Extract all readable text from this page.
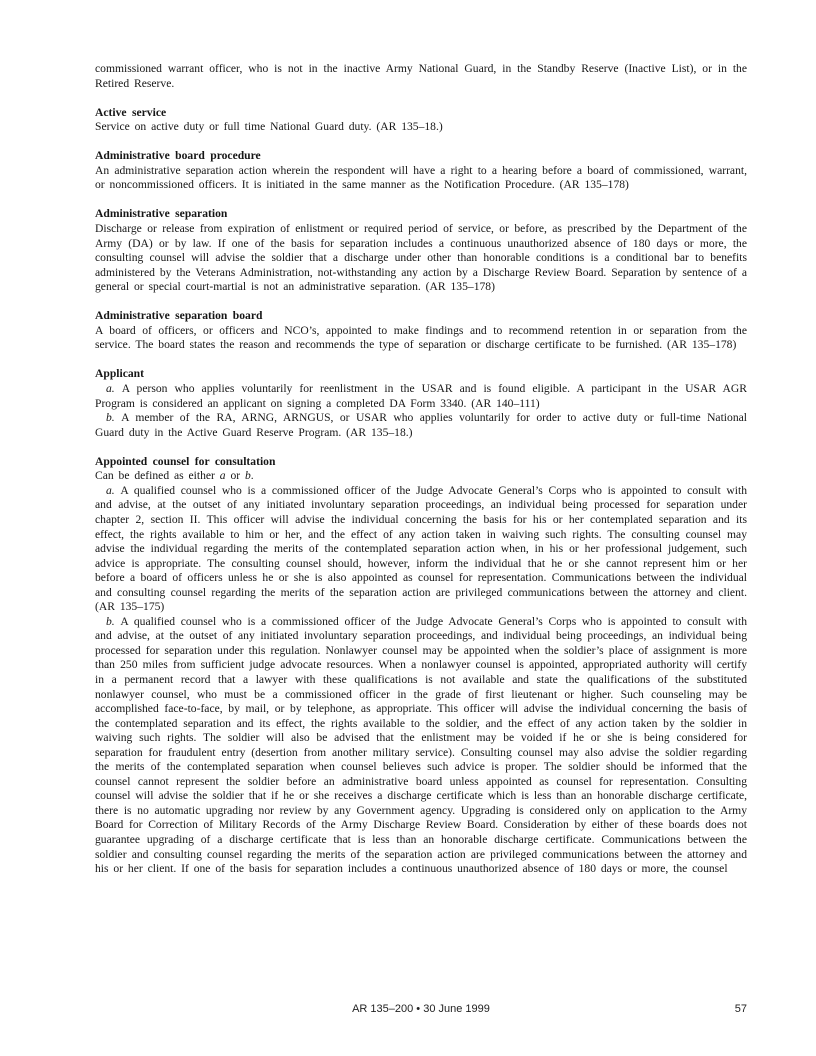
commissioned warrant officer, who is not in the inactive Army National Guard, in the Standby Reserve (Inactive List), or in the Retired Reserve.

Active service

Service on active duty or full time National Guard duty. (AR 135–18.)

Administrative board procedure

An administrative separation action wherein the respondent will have a right to a hearing before a board of commissioned, warrant, or noncommissioned officers. It is initiated in the same manner as the Notification Procedure. (AR 135–178)

Administrative separation

Discharge or release from expiration of enlistment or required period of service, or before, as prescribed by the Department of the Army (DA) or by law. If one of the basis for separation includes a continuous unauthorized absence of 180 days or more, the consulting counsel will advise the soldier that a discharge under other than honorable conditions is a conditional bar to benefits administered by the Veterans Administration, not-withstanding any action by a Discharge Review Board. Separation by sentence of a general or special court-martial is not an administrative separation. (AR 135–178)

Administrative separation board

A board of officers, or officers and NCO’s, appointed to make findings and to recommend retention in or separation from the service. The board states the reason and recommends the type of separation or discharge certificate to be furnished. (AR 135–178)

Applicant

a. A person who applies voluntarily for reenlistment in the USAR and is found eligible. A participant in the USAR AGR Program is considered an applicant on signing a completed DA Form 3340. (AR 140–111)

b. A member of the RA, ARNG, ARNGUS, or USAR who applies voluntarily for order to active duty or full-time National Guard duty in the Active Guard Reserve Program. (AR 135–18.)

Appointed counsel for consultation

Can be defined as either a or b.

a. A qualified counsel who is a commissioned officer of the Judge Advocate General’s Corps who is appointed to consult with and advise, at the outset of any initiated involuntary separation proceedings, an individual being processed for separation under chapter 2, section II. This officer will advise the individual concerning the basis for his or her contemplated separation and its effect, the rights available to him or her, and the effect of any action taken in waiving such rights. The consulting counsel may advise the individual regarding the merits of the contemplated separation action when, in his or her professional judgement, such advice is appropriate. The consulting counsel should, however, inform the individual that he or she cannot represent him or her before a board of officers unless he or she is also appointed as counsel for representation. Communications between the individual and consulting counsel regarding the merits of the separation action are privileged communications between the attorney and client. (AR 135–175)

b. A qualified counsel who is a commissioned officer of the Judge Advocate General’s Corps who is appointed to consult with and advise, at the outset of any initiated involuntary separation proceedings, and individual being proceedings, an individual being processed for separation under this regulation. Nonlawyer counsel may be appointed when the soldier’s place of assignment is more than 250 miles from sufficient judge advocate resources. When a nonlawyer counsel is appointed, appropriated authority will certify in a permanent record that a lawyer with these qualifications is not available and state the qualifications of the substituted nonlawyer counsel, who must be a commissioned officer in the grade of first lieutenant or higher. Such counseling may be accomplished face-to-face, by mail, or by telephone, as appropriate. This officer will advise the individual concerning the basis of the contemplated separation and its effect, the rights available to the soldier, and the effect of any action taken by the soldier in waiving such rights. The soldier will also be advised that the enlistment may be voided if he or she is being considered for separation for fraudulent entry (desertion from another military service). Consulting counsel may also advise the soldier regarding the merits of the contemplated separation when counsel believes such advice is proper. The soldier should be informed that the counsel cannot represent the soldier before an administrative board unless appointed as counsel for representation. Consulting counsel will advise the soldier that if he or she receives a discharge certificate which is less than an honorable discharge certificate, there is no automatic upgrading nor review by any Government agency. Upgrading is considered only on application to the Army Board for Correction of Military Records of the Army Discharge Review Board. Consideration by either of these boards does not guarantee upgrading of a discharge certificate that is less than an honorable discharge certificate. Communications between the soldier and consulting counsel regarding the merits of the separation action are privileged communications between the attorney and his or her client. If one of the basis for separation includes a continuous unauthorized absence of 180 days or more, the counsel

AR 135–200 • 30 June 1999	57
